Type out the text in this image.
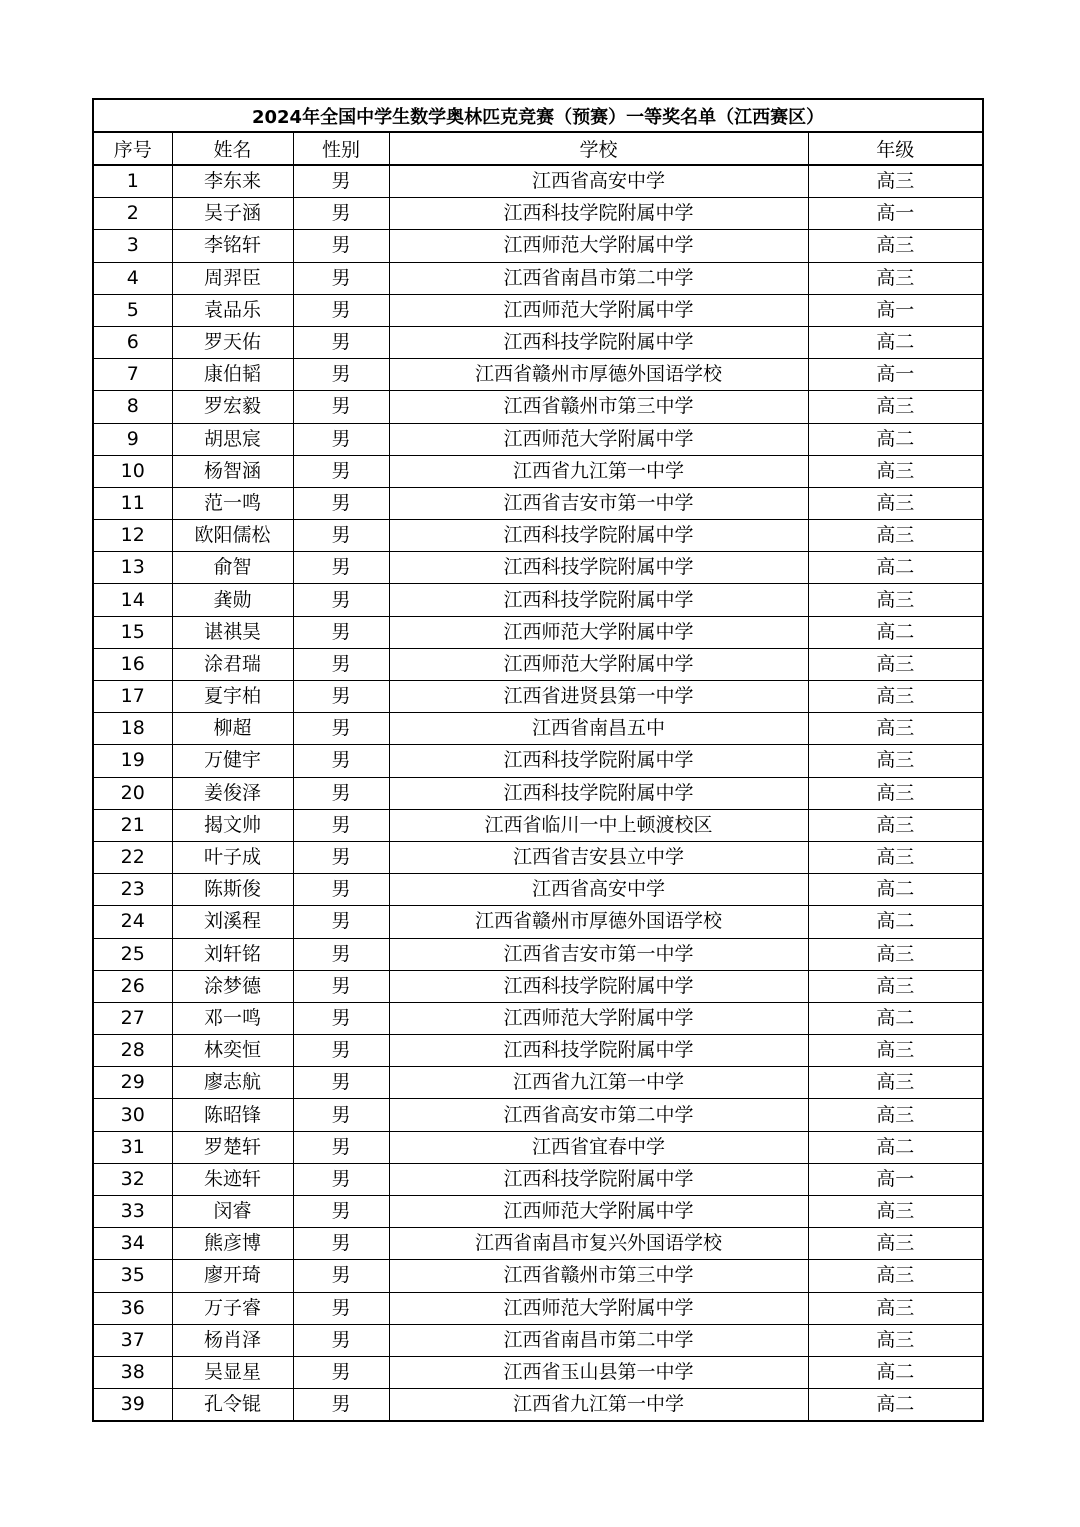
2024年全国中学生数学奥林匹克竞赛（预赛）一等奖名单（江西赛区）				
序号	姓名	性别	学校	年级
1	李东来	男	江西省高安中学	高三
2	吴子涵	男	江西科技学院附属中学	高一
3	李铭轩	男	江西师范大学附属中学	高三
4	周羿臣	男	江西省南昌市第二中学	高三
5	袁品乐	男	江西师范大学附属中学	高一
6	罗天佑	男	江西科技学院附属中学	高二
7	康伯韬	男	江西省赣州市厚德外国语学校	高一
8	罗宏毅	男	江西省赣州市第三中学	高三
9	胡思宸	男	江西师范大学附属中学	高二
10	杨智涵	男	江西省九江第一中学	高三
11	范一鸣	男	江西省吉安市第一中学	高三
12	欧阳儒松	男	江西科技学院附属中学	高三
13	俞智	男	江西科技学院附属中学	高二
14	龚勋	男	江西科技学院附属中学	高三
15	谌祺昊	男	江西师范大学附属中学	高二
16	涂君瑞	男	江西师范大学附属中学	高三
17	夏宇柏	男	江西省进贤县第一中学	高三
18	柳超	男	江西省南昌五中	高三
19	万健宇	男	江西科技学院附属中学	高三
20	姜俊泽	男	江西科技学院附属中学	高三
21	揭文帅	男	江西省临川一中上顿渡校区	高三
22	叶子成	男	江西省吉安县立中学	高三
23	陈斯俊	男	江西省高安中学	高二
24	刘溪程	男	江西省赣州市厚德外国语学校	高二
25	刘轩铭	男	江西省吉安市第一中学	高三
26	涂梦德	男	江西科技学院附属中学	高三
27	邓一鸣	男	江西师范大学附属中学	高二
28	林奕恒	男	江西科技学院附属中学	高三
29	廖志航	男	江西省九江第一中学	高三
30	陈昭锋	男	江西省高安市第二中学	高三
31	罗楚轩	男	江西省宜春中学	高二
32	朱迹轩	男	江西科技学院附属中学	高一
33	闵睿	男	江西师范大学附属中学	高三
34	熊彦博	男	江西省南昌市复兴外国语学校	高三
35	廖开琦	男	江西省赣州市第三中学	高三
36	万子睿	男	江西师范大学附属中学	高三
37	杨肖泽	男	江西省南昌市第二中学	高三
38	吴显星	男	江西省玉山县第一中学	高二
39	孔令锟	男	江西省九江第一中学	高二
